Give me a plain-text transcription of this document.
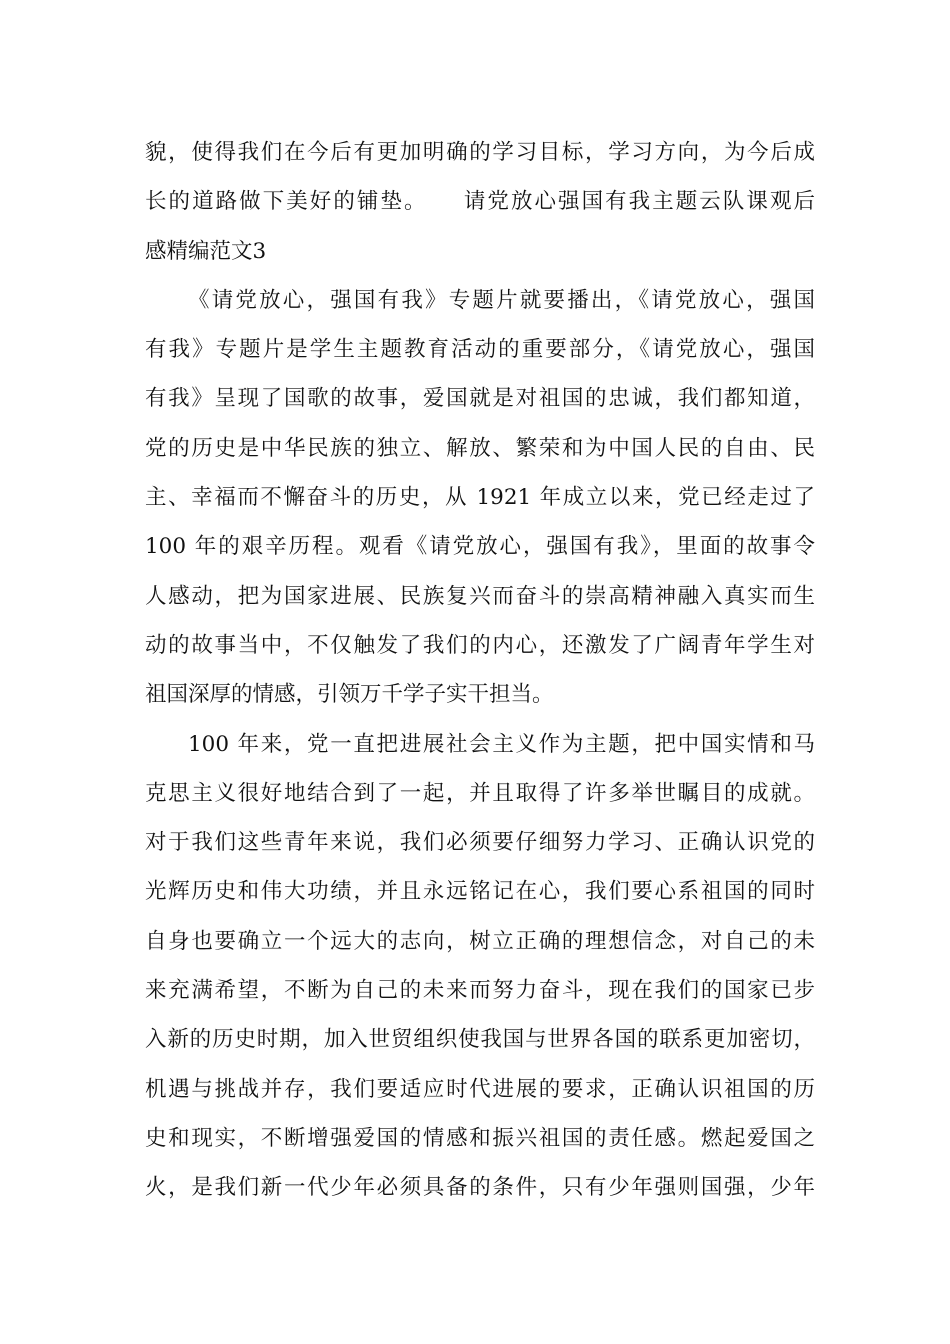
貌，使得我们在今后有更加明确的学习目标，学习方向，为今后成
长的道路做下美好的铺垫。　　请党放心强国有我主题云队课观后
感精编范文3
《请党放心，强国有我》专题片就要播出，《请党放心，强国
有我》专题片是学生主题教育活动的重要部分，《请党放心，强国
有我》呈现了国歌的故事，爱国就是对祖国的忠诚，我们都知道，
党的历史是中华民族的独立、解放、繁荣和为中国人民的自由、民
主、幸福而不懈奋斗的历史，从 1921 年成立以来，党已经走过了
100 年的艰辛历程。观看《请党放心，强国有我》，里面的故事令
人感动，把为国家进展、民族复兴而奋斗的崇高精神融入真实而生
动的故事当中，不仅触发了我们的内心，还激发了广阔青年学生对
祖国深厚的情感，引领万千学子实干担当。
100 年来，党一直把进展社会主义作为主题，把中国实情和马
克思主义很好地结合到了一起，并且取得了许多举世瞩目的成就。
对于我们这些青年来说，我们必须要仔细努力学习、正确认识党的
光辉历史和伟大功绩，并且永远铭记在心，我们要心系祖国的同时
自身也要确立一个远大的志向，树立正确的理想信念，对自己的未
来充满希望，不断为自己的未来而努力奋斗，现在我们的国家已步
入新的历史时期，加入世贸组织使我国与世界各国的联系更加密切，
机遇与挑战并存，我们要适应时代进展的要求，正确认识祖国的历
史和现实，不断增强爱国的情感和振兴祖国的责任感。燃起爱国之
火，是我们新一代少年必须具备的条件，只有少年强则国强，少年
